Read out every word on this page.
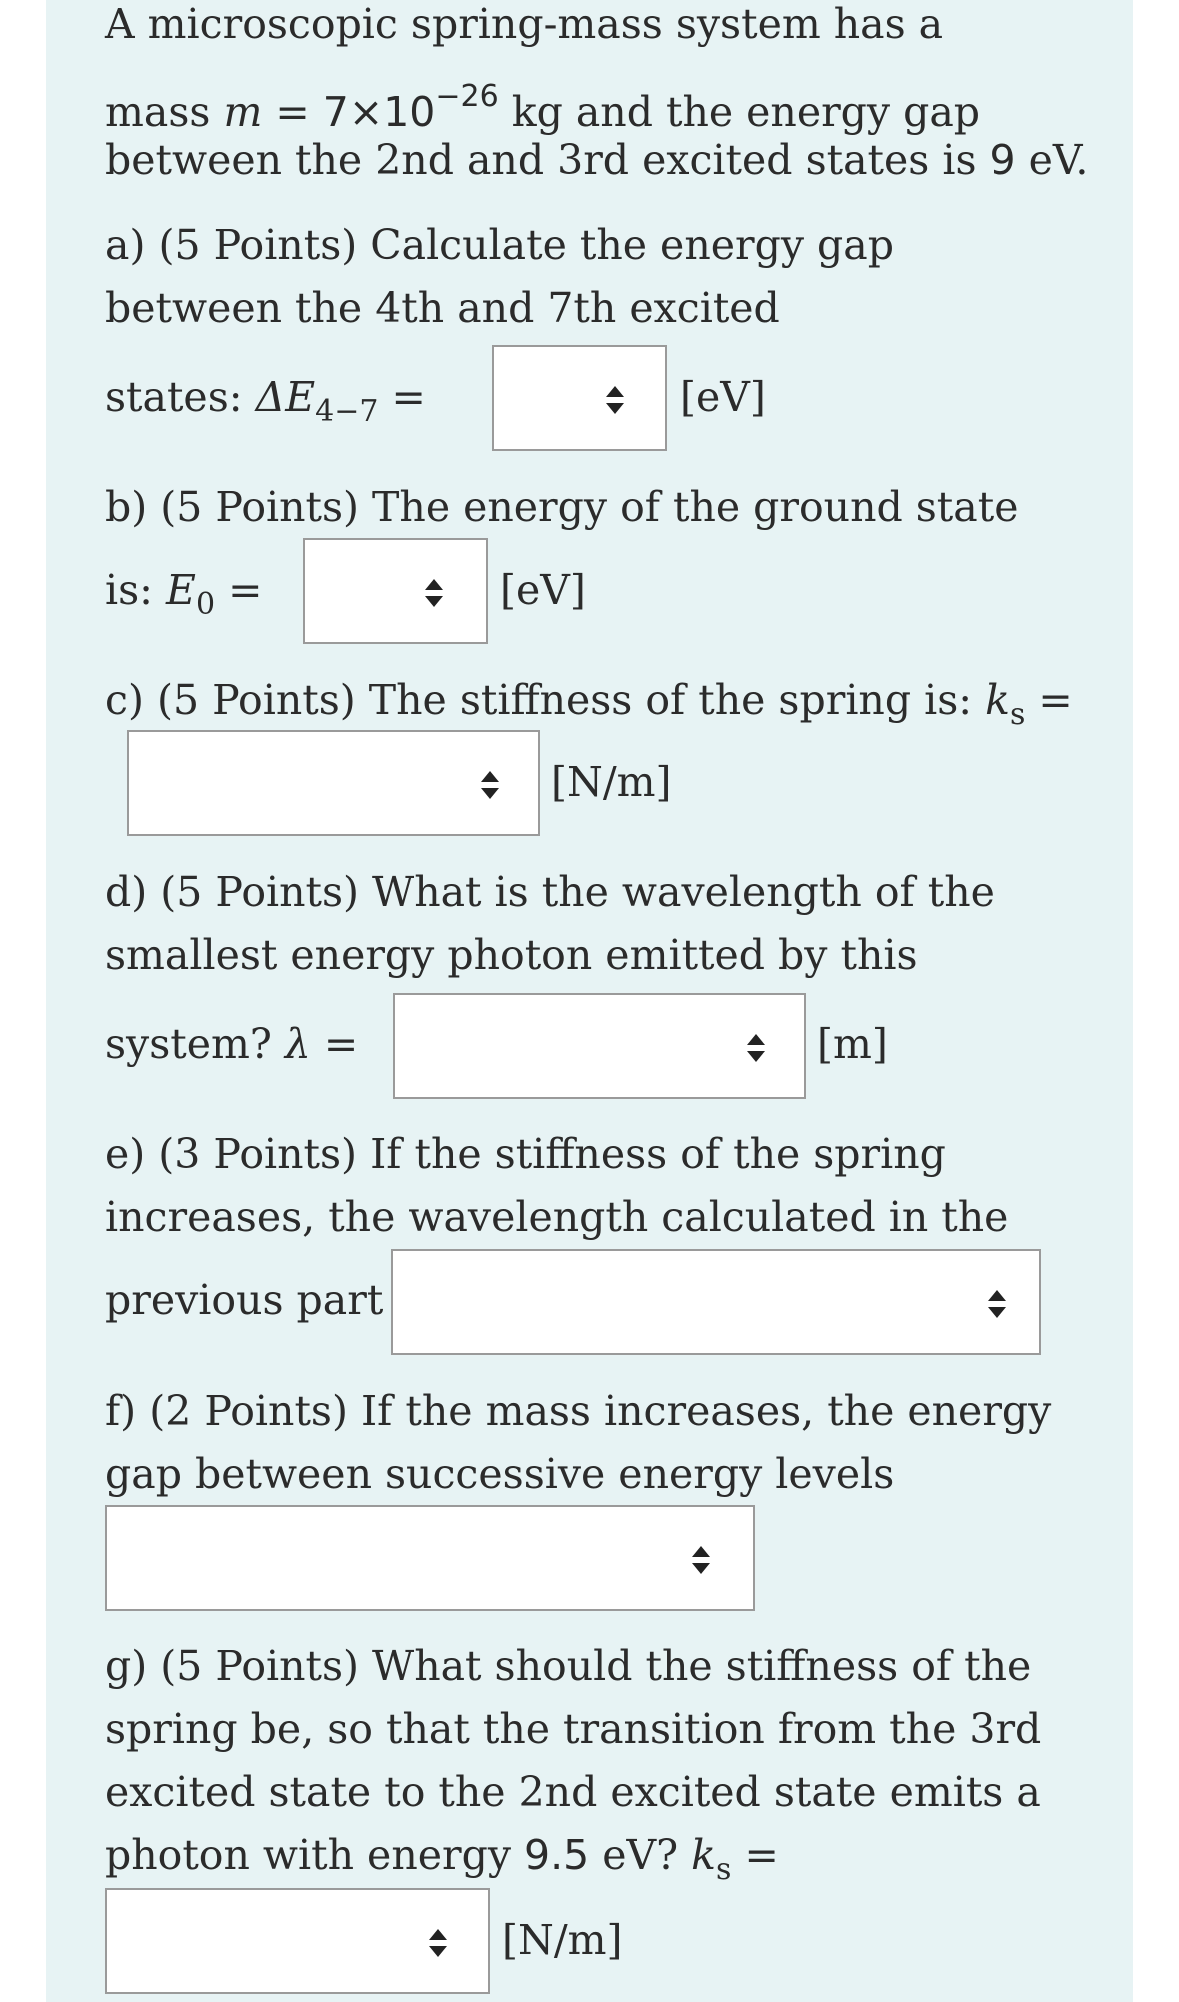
A microscopic spring-mass system has a
mass $m = 7\times 10^{-26}$ kg and the energy gap
between the 2nd and 3rd excited states is 9 eV.
a) (5 Points) Calculate the energy gap
between the 4th and 7th excited
states: $\Delta E_{4-7}$ =	[eV]
b) (5 Points) The energy of the ground state
is: $E_0$ =	[eV]
c) (5 Points) The stiffness of the spring is: $k_s$ =
[N/m]
d) (5 Points) What is the wavelength of the
smallest energy photon emitted by this
system? λ =	[m]
e) (3 Points) If the stiffness of the spring
increases, the wavelength calculated in the
previous part
f) (2 Points) If the mass increases, the energy
gap between successive energy levels
g) (5 Points) What should the stiffness of the
spring be, so that the transition from the 3rd
excited state to the 2nd excited state emits a
photon with energy 9.5 eV? $k_s$ =
[N/m]
